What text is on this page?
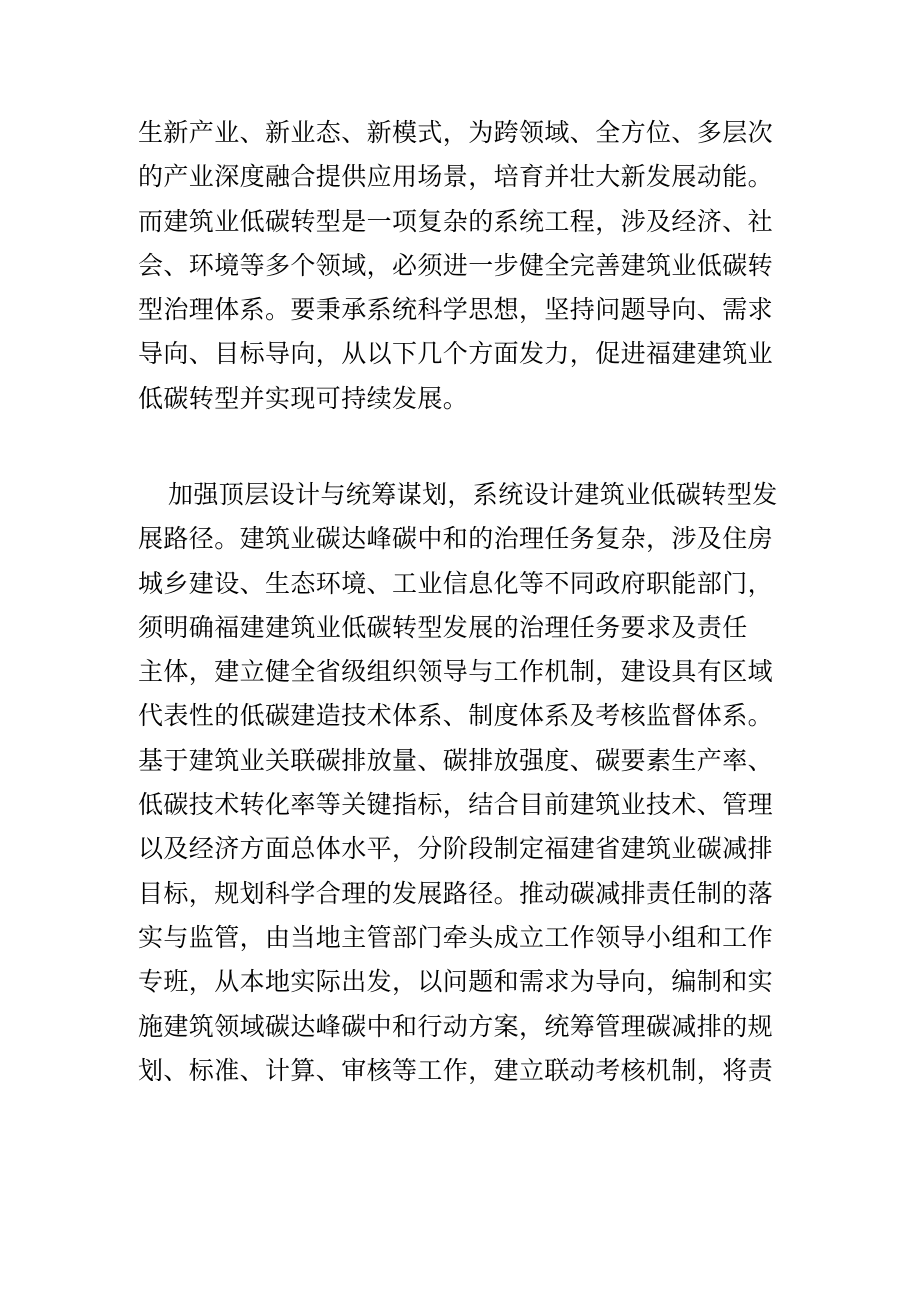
生新产业、新业态、新模式，为跨领域、全方位、多层次
的产业深度融合提供应用场景，培育并壮大新发展动能。
而建筑业低碳转型是一项复杂的系统工程，涉及经济、社
会、环境等多个领域，必须进一步健全完善建筑业低碳转
型治理体系。要秉承系统科学思想，坚持问题导向、需求
导向、目标导向，从以下几个方面发力，促进福建建筑业
低碳转型并实现可持续发展。
加强顶层设计与统筹谋划，系统设计建筑业低碳转型发
展路径。建筑业碳达峰碳中和的治理任务复杂，涉及住房
城乡建设、生态环境、工业信息化等不同政府职能部门，
须明确福建建筑业低碳转型发展的治理任务要求及责任
主体，建立健全省级组织领导与工作机制，建设具有区域
代表性的低碳建造技术体系、制度体系及考核监督体系。
基于建筑业关联碳排放量、碳排放强度、碳要素生产率、
低碳技术转化率等关键指标，结合目前建筑业技术、管理
以及经济方面总体水平，分阶段制定福建省建筑业碳减排
目标，规划科学合理的发展路径。推动碳减排责任制的落
实与监管，由当地主管部门牵头成立工作领导小组和工作
专班，从本地实际出发，以问题和需求为导向，编制和实
施建筑领域碳达峰碳中和行动方案，统筹管理碳减排的规
划、标准、计算、审核等工作，建立联动考核机制，将责
